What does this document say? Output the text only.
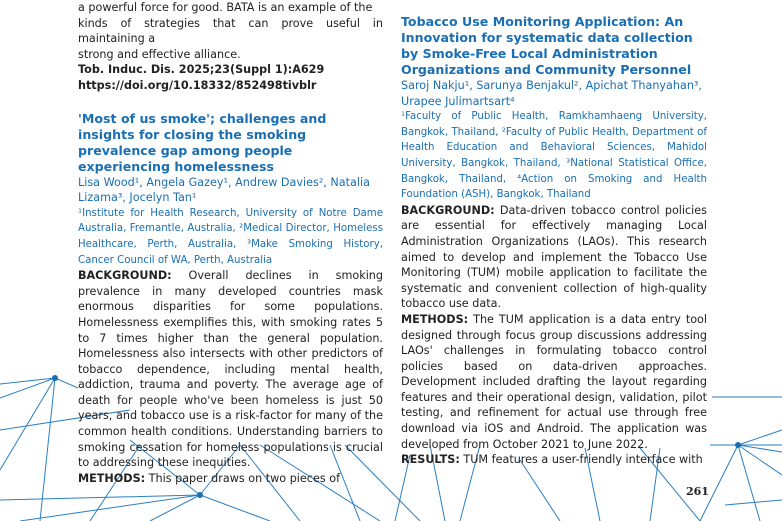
a powerful force for good. BATA is an example of the

kinds of strategies that can prove useful in maintaining a

strong and effective alliance.

Tob. Induc. Dis. 2025;23(Suppl 1):A629

https://doi.org/10.18332/852498tivblr

'Most of us smoke'; challenges and insights for closing the smoking prevalence gap among people experiencing homelessness

Lisa Wood¹, Angela Gazey¹, Andrew Davies², Natalia Lizama³, Jocelyn Tan¹

¹Institute for Health Research, University of Notre Dame Australia, Fremantle, Australia, ²Medical Director, Homeless Healthcare, Perth, Australia, ³Make Smoking History, Cancer Council of WA, Perth, Australia

BACKGROUND: Overall declines in smoking prevalence in many developed countries mask enormous disparities for some populations. Homelessness exemplifies this, with smoking rates 5 to 7 times higher than the general population. Homelessness also intersects with other predictors of tobacco dependence, including mental health, addiction, trauma and poverty. The average age of death for people who've been homeless is just 50 years, and tobacco use is a risk-factor for many of the common health conditions. Understanding barriers to smoking cessation for homeless populations is crucial to addressing these inequities.

METHODS: This paper draws on two pieces of

Tobacco Use Monitoring Application: An Innovation for systematic data collection by Smoke-Free Local Administration Organizations and Community Personnel

Saroj Nakju¹, Sarunya Benjakul², Apichat Thanyahan³, Urapee Julimartsart⁴

¹Faculty of Public Health, Ramkhamhaeng University, Bangkok, Thailand, ²Faculty of Public Health, Department of Health Education and Behavioral Sciences, Mahidol University, Bangkok, Thailand, ³National Statistical Office, Bangkok, Thailand, ⁴Action on Smoking and Health Foundation (ASH), Bangkok, Thailand

BACKGROUND: Data-driven tobacco control policies are essential for effectively managing Local Administration Organizations (LAOs). This research aimed to develop and implement the Tobacco Use Monitoring (TUM) mobile application to facilitate the systematic and convenient collection of high-quality tobacco use data.

METHODS: The TUM application is a data entry tool designed through focus group discussions addressing LAOs' challenges in formulating tobacco control policies based on data-driven approaches. Development included drafting the layout regarding features and their operational design, validation, pilot testing, and refinement for actual use through free download via iOS and Android. The application was developed from October 2021 to June 2022.

RESULTS: TUM features a user-friendly interface with

261
